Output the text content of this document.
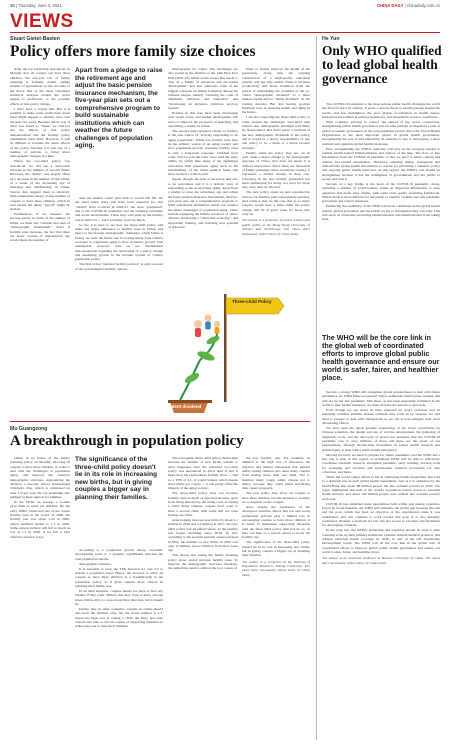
10 | Thursday, June 3, 2021	CHINA DAILY | chinadaily.com.cn
VIEWS
Stuart Gietel-Basten
Policy offers more family size choices

After the top leadership announced on Monday that all couples can have three children, the one-year law of family planning is formally ended, ending months of speculation on the outcome of the move. But as the latest retirement statistical analysis around the world begins to proliferate, to the possible effects of this policy change.

I don't have a crystal ball. But it is possible to make some predictions about what might happen to fertility rates over the next few years. Because below was of what was stated so "make" we will not see the impact of this policy announcement and the fertility policy amendment until 2023. However, it will be difficult to evaluate the direct effects of the policy, because it is just one of a number of policies to bring about demographic changes in China.

When the two-child policy was introduced, we did see a short-term increase in the number of second births. However, the "bump" was largely offset by a decrease in the number of first births, as a result of the increasing age of marriage and childbearing in China. Survey data suggest there is relatively little enthusiasm among a large number of couples to have three children, which in turn means the likely "payoff" might be modest.

Furthermore, if we measure the success purely in terms of the number of births, we must also consider that uses of "demographic momentum". Even if fertility rates increase, the fact that there are fewer women of reproductive age would mean the number of

Apart from a pledge to raise the retirement age and adjust the basic pension insurance mechanism, the five-year plan sets out a comprehensive program to build sustainable institutions which can weather the future challenges of population aging.

does the smaller cohort give birth to would still fall. On the other hand, there will have been expected (so that "should" have occurred in 2020-21, but were "postponed" due to the COVID-19 pandemic and the resulting economic and social uncertainties. These may well push up the fertility rate in 2022-23 — but it probably won't be much.

So far, it is hard to see how the three-child policy will make any major difference to fertility rates in China, and hence to the broader demographic challenges which China is facing. As well, the future rate is looking likely from China's economy to population aging to slow economic growth. This assumption, however, rests on two fundamental misconceptions regarding the motivation of a policy change and sustaining growth in the broader system of China's population policy.

The first is that "spiritual fertility policies" is only one part of the governments's fertility options.

Demography for China. The challenges are also rooted in the Outline of the 14th Five-Year Plan (2021-25) which recent issues that needs to "use of a family of advanced and all-around development" and also addresses some of the biggest concerns on family formation among the Chinese people, namely "reducing the costs of childbirth, childcare and education" and "developing an inclusive childcare services system".

Policies in this area have been developing over recent years, and further development will serve to improve the prospects of marrying, and expanding, a family in China.

The second misconception relates to fertility is the sole source of "actively responding to an aging population". While low fertility rates may be the primary source of an aging society and slow population growth, reversing fertility rates is only a long-term response. Children born today will not join the labor force until the early 2040s, by which time many of the challenges associated with population aging such as the sustainability of the urban pension funds will have reached a critical point.

Again, though, the plan is necessary and also to be welcomed, and it is a holistic view of responding to the accelerating aging. Apart from a pledge to raise the retirement age and adjust the basic pension insurance mechanism, the five-year plan sets out a comprehensive program to build sustainable institutions which can weather the future challenges of population aging. These include equipping the human resources of senior citizens, developing a "silver hair economy", and supporting training, and fostering new systems of eldercare.

Plans to further improve the health of the population, along with the ongoing construction of a high-quality education system, will not only enable China to increase productivity and better transition from the period of unbounding the potential of the so-called "demographic dividend" to a more human-capital-driven "talent dividend" in the coming decades. But also having positive feedback loop in ensuring health and aging in the future.

I am also expecting the three-child policy to come around the challenges associated with China's new demographic paradigm will likely be disappointed. But that's never a problem of the new demographic dividends of the policy, and it would be a heavy responsibility of any one policy to be a mark of a much broader strategic.

Finally, while the policy may not, on its own, make a major change to the demographic structure of China, that does not mean it is without importance. Since there are thousands of family planning cadres around the country, it represents a further change in their role, following on the new fertility generation has been challenging for many, not least for those who were directly affected.

The new policy opens up new reproductive choices for families (and consequently parents). And while it may be the case that as so many couples would have a third child, the policy change will be of great value for those who truly do.

The author is a professor of social science and public policy at the Hong Kong University of Science and Technology. The views don't necessarily reflect those of China Daily.

Three-child Policy
Talent dividend
Mu Guangzong
A breakthrough in population policy

China, in its future of the family planning policy, on Monday, allowing all couples to have three children, in order to deal with the challenges of population aging, and improve the country's demographic structure. Announcing the decision a one-day before International Children's Day, which is celebrated on June 1 every year, the top leadership also pledged to keep support for families.

In the 1970s, on average a woman gave birth to some six children. By the early 1990s, China had one of the lowest fertility rates in the world. In 2000, the fertility rate was about 1.22 in 2000, which declined further to 1.3 in 2020. Some experts believe will fall to levels as low as 1.1 in 2030, if we fail to find effective and new ways.

The significance of the three-child policy doesn't lie in its role in increasing new births, but in giving couples a bigger say in planning their families.

According to a population growth theory, economic development leads to a dynamic equilibrium between the total population and the

demographic structure.

It is essential to keep the TFR between 2.1 and 2.2 to sustain a population level. Hence, the decision to allow all couples to have three children is a breakthrough in the population policy, as it gives couples more choices in planning their family size.

In an ideal situation, couples should not have to face any hurdles if they want children that they want to have, and the three-child policy is a step toward that direction, but it should be.

Ideally, like in other countries, couples in China should also have the children only, but the actual number is 1.3. Given the high cost of raising a child, the Party and state council also plan to roll out a series of supporting measures to reduce the cost to raise their children.

The total public three-child policy should help increase the number of new births, similar to what happened after the universal two-child policy was announced in 2016. And if that is more than the replacement fertility level — that is, a TFR of 2.1, it would indeed, which means more births per couple — it can partly offset the impacts of the aging society.

The three-child policy may not increase fertility rates as much as expected because, apart from being deterred by the rising costs of raising a child, many Chinese couples don't want to have a second child, with some still not even having one child.

After helping increase new births by about 1.1 million in 2016 and 2.4 million in 2017, the two-child policy lost its effectiveness, as the fertility rate began declining since 2018. In fact, according to the seventh national census released in May, the number of new births in 2020 was only 12 million, down 2 million from three years ago.

This shows that easing the family planning policy alone cannot increase fertility rates. To improve the demographic structure, therefore, the authorities need to address the root causes of

the low fertility rate. For example, in addition to the high cost of education, the physical and mental exhaustion that parents suffer raising children also deter many couples from having more than one child. Not to mention many young adults choose not to marry, because they could mean sacrificing their career prospects.

The new policy may allow all couples to have three children, but the decision to actually do so depends on the couples.

Also, despite the experience of the developed countries shows that job and social preferential policies play a limited role in encouraging couples to have more children, it is better to implement supporting measures with the three-child policy than not do so, as they can help to a certain extent to boost the fertility rate.

The significance of the three-child policy doesn't lie in its role in increasing new births, but in giving couples a bigger say in planning their families.

The author is a professor at the Institute of Population Research, Peking University. The views don't necessarily reflect those of China Daily.

He Yun
Only WHO qualified to lead global health governance

The COVID-19 pandemic is the most serious public health challenge the world has faced in the 21st century. It poses a serious threat to health systems around the world, and has highlighted the poor global coordination in health issues, inadequate investment in primary healthcare, and inequitable access to healthcare.

With countries striving to control the spread of the novel coronavirus, strengthening public health governance has become perhaps as important a task as global economic governance in the post-pandemic period. Since the World Health Organization is the most important player in global health governance, strengthening the role of and enhancing its authority is key to developing a more resilient and equitable global health landscape.

First, strengthening the WHO's authority will give us the weapons needed to combat health-related misinformation and rumors of the like. The flow of key information from the COVID-19 pandemic is that we need to better contain and address fact-related information. Therefore, ensuring timely, transparent and authoritative global health information is crucial for informing a sensitive policy and ongoing public health behaviors. In this regard, the WHO's role should be strengthened because it has the willingness of governments and the public to accept and trust it.

Second, as a key bridge at the heart of the COVID-19 pandemic, many, including a number of world leaders, relied on important information to raise questions and make false claims, with some even openly spreading falsehoods. Which made it more difficult for the public to identify verified and safe pandemic prevention and control measures.

Enhancing the credibility of the WHO will boost confidence in the global health system, global-prevention and the public access to information they can trust. This will serve as a bulwark preventing misinformation and disinformation from taking hold.

The WHO will be the core link in the global web of coordinated efforts to improve global public health governance and ensure our world is safer, fairer, and healthier place.

Second, a strong WHO will strengthen global preparedness to deal with future pandemics. As WHO Director-General Tedros Adhanom Ghebreyesus warned, this will not be the last pandemic. Still more, as has been repeatedly reminded in the world to take further measures, we must all learn the lessons to give help.

Even though we can never be fully prepared for every outbreak, and an emerging common sensible disease outbreak may catch us by surprise, we will need to prepare to deal with emergencies so we can at least mitigate their most devastating effects.

We have seen the quick genome sequencing of the novel coronavirus by Chinese scientists, the design and use of vaccine development, the gathering of diagnostic tools, and the discovery of protect-ive measures that the COVID-19 pandemic was to save millions of lives. All these are the result of our preparedness, through decade-long investment in global health research and technologies, to deal with a public health emergency.

Moving forward, we need to prepare for future pandemics and the WHO has a key role to play in this regard. A revitalized WHO will be able to effectively coordinate scientific research, strengthen pandemic early warning, develop tools for screening and vaccines and synchronize standard procedures for data collection, and more.

Third, the world cannot afford to fail in addressing health inequalities that lead to a dramatic rise in both global health inequalities. Just as it is estimated by the World Bank that about 88 million people fell into extreme poverty in 2020. The report highlighted that half of the world's population lacked access to essential health services, and about 100 million people were pushed into extreme poverty each year.

COVID-19 has amplified these inequalities both within and among countries. Given its broad mandate, the WHO will eliminate the global gap between the rich and the poor, which has been an objective of the organization since it was established, and will continue to work toward this goal. It is also uniquely positioned, through, a platform for fair and just access to vaccines and medicines for developing countries.

In the long run, the WHO's leadership and expertise should be used to help countries scale up their primary healthcare systems, include medical products, and achieve universal health coverage by 2030, as part of the UN Sustainable Development Goals. The WHO will be the core link in the global web of coordinated efforts to improve global public health governance and ensure our world is safer, fairer, and healthier place.

The author is an associate professor at Renmin University of China. The views don't necessarily reflect those of China Daily.
